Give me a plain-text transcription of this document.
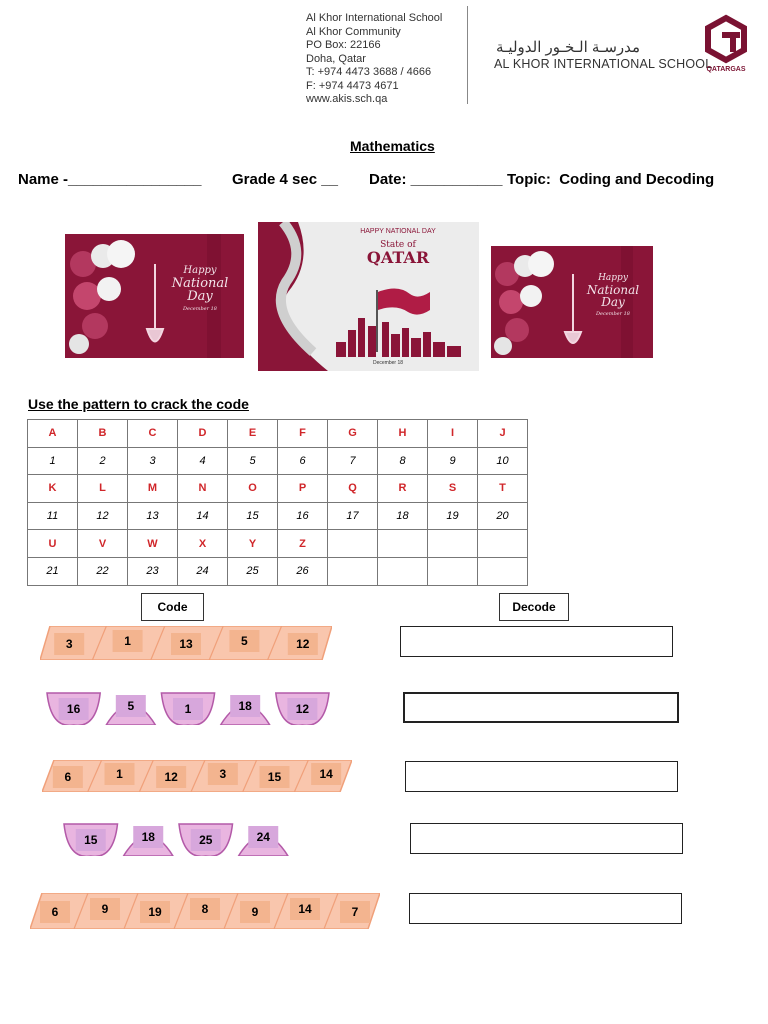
Al Khor International School
Al Khor Community
PO Box: 22166
Doha, Qatar
T: +974 4473 3688 / 4666
F: +974 4473 4671
www.akis.sch.qa
مدرسـة الـخـور الدوليـة
AL KHOR INTERNATIONAL SCHOOL
QATARGAS
Mathematics

Name -________________

Grade 4 sec __

Date: ___________

Topic:  Coding and Decoding

Happy
National
Day
December 18
HAPPY NATIONAL DAY
State of
QATAR
December 18
Happy
National
Day
December 18
Use the pattern to crack the code
A	B	C	D	E	F	G	H	I	J
1	2	3	4	5	6	7	8	9	10
K	L	M	N	O	P	Q	R	S	T
11	12	13	14	15	16	17	18	19	20
U	V	W	X	Y	Z				
21	22	23	24	25	26				
Code	Decode
3	1	13	5	12
16	5	1	18	12
6	1	12	3	15	14
15	18	25	24
6	9	19	8	9	14	7
